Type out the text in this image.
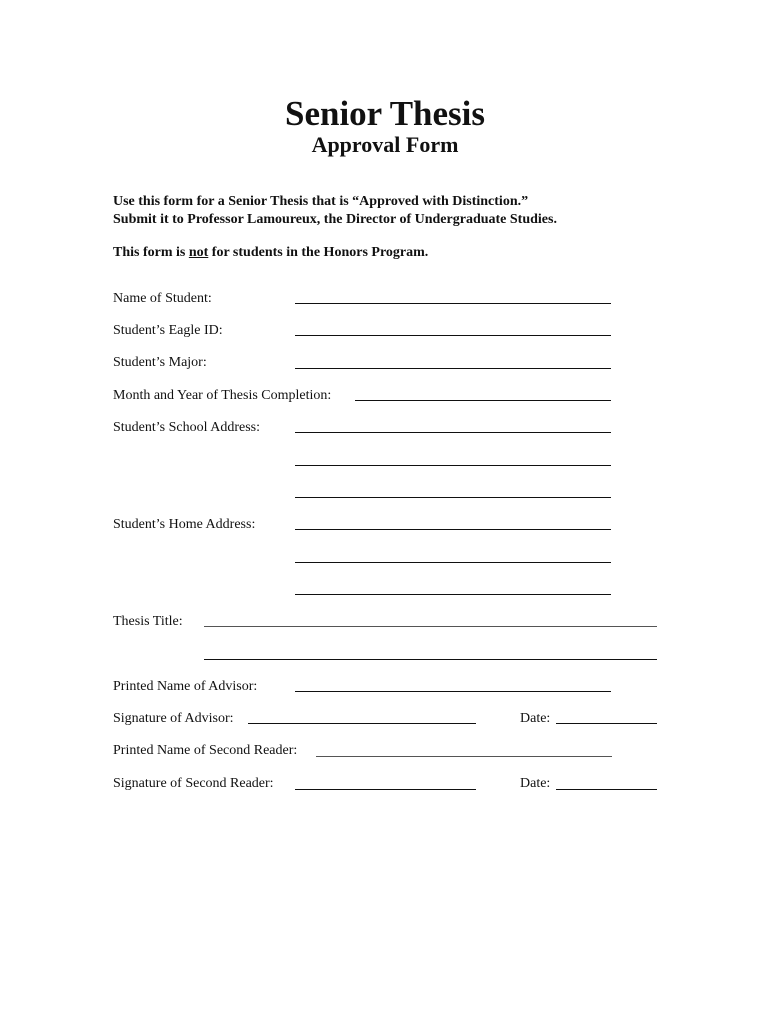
Senior Thesis
Approval Form
Use this form for a Senior Thesis that is “Approved with Distinction.”
Submit it to Professor Lamoureux, the Director of Undergraduate Studies.
This form is not for students in the Honors Program.
Name of Student:
Student’s Eagle ID:
Student’s Major:
Month and Year of Thesis Completion:
Student’s School Address:
Student’s Home Address:
Thesis Title:
Printed Name of Advisor:
Signature of Advisor:	Date:
Printed Name of Second Reader:
Signature of Second Reader:	Date:
